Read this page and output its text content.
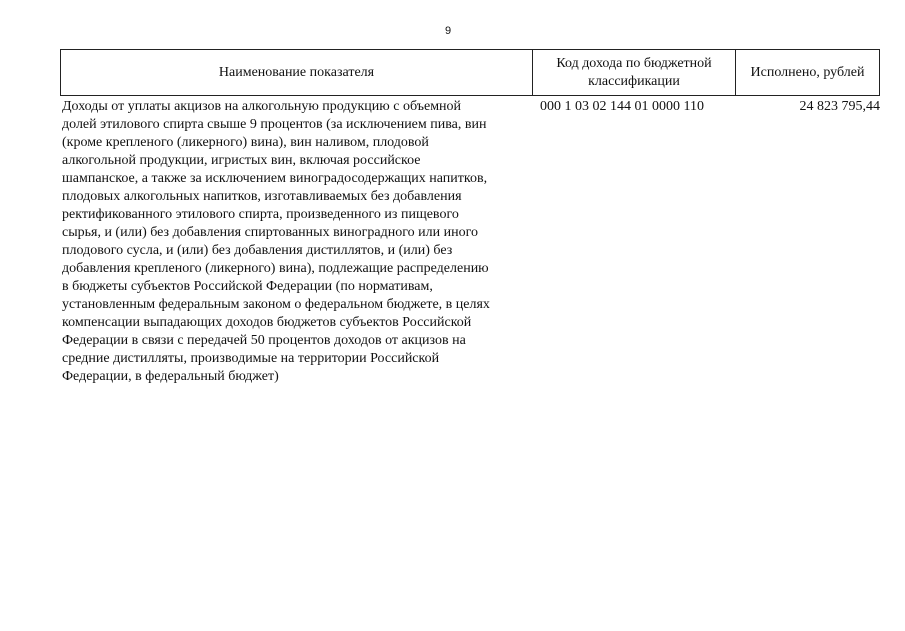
9
Наименование показателя
Код дохода по бюджетной классификации
Исполнено, рублей
Доходы от уплаты акцизов на алкогольную продукцию с объемной
долей этилового спирта свыше 9 процентов (за исключением пива, вин
(кроме крепленого (ликерного) вина), вин наливом, плодовой
алкогольной продукции, игристых вин, включая российское
шампанское, а также за исключением виноградосодержащих напитков,
плодовых алкогольных напитков, изготавливаемых без добавления
ректификованного этилового спирта, произведенного из пищевого
сырья, и (или) без добавления спиртованных виноградного или иного
плодового сусла, и (или) без добавления дистиллятов, и (или) без
добавления крепленого (ликерного) вина), подлежащие распределению
в бюджеты субъектов Российской Федерации (по нормативам,
установленным федеральным законом о федеральном бюджете, в целях
компенсации выпадающих доходов бюджетов субъектов Российской
Федерации в связи с передачей 50 процентов доходов от акцизов на
средние дистилляты, производимые на территории Российской
Федерации, в федеральный бюджет)
000 1 03 02 144 01 0000 110	24 823 795,44
